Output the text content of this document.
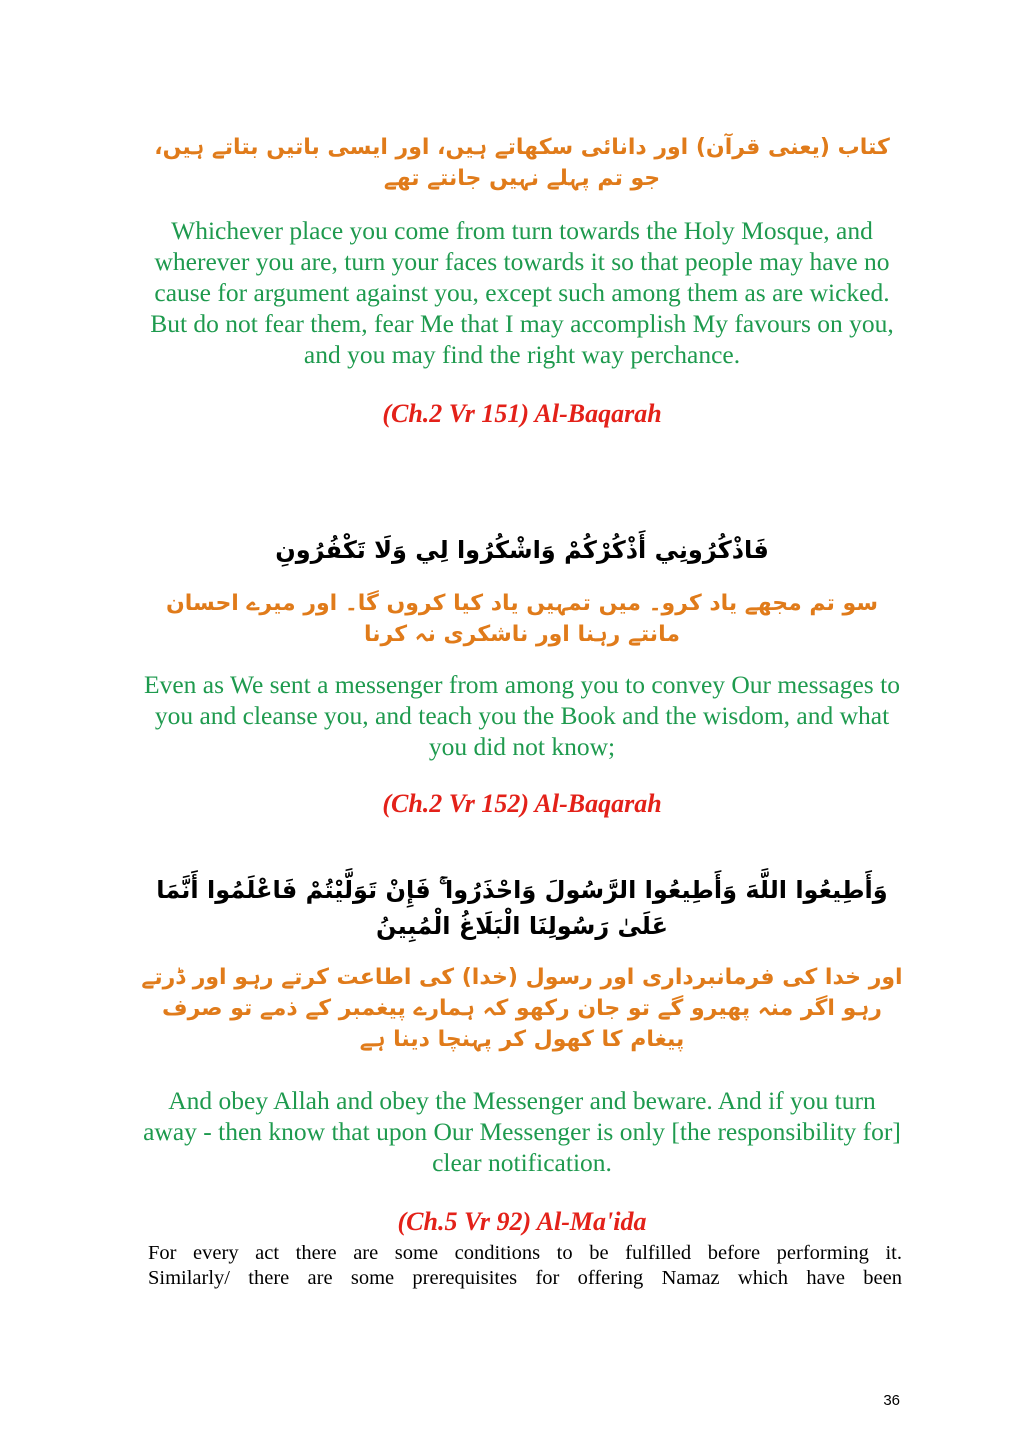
کتاب (یعنی قرآن) اور دانائی سکھاتے ہیں، اور ایسی باتیں بتاتے ہیں، جو تم پہلے نہیں جانتے تھے
Whichever place you come from turn towards the Holy Mosque, and wherever you are, turn your faces towards it so that people may have no cause for argument against you, except such among them as are wicked. But do not fear them, fear Me that I may accomplish My favours on you, and you may find the right way perchance.
(Ch.2 Vr 151) Al-Baqarah
فَاذْكُرُونِي أَذْكُرْكُمْ وَاشْكُرُوا لِي وَلَا تَكْفُرُونِ
سو تم مجھے یاد کرو۔ میں تمہیں یاد کیا کروں گا۔ اور میرے احسان مانتے رہنا اور ناشکری نہ کرنا
Even as We sent a messenger from among you to convey Our messages to you and cleanse you, and teach you the Book and the wisdom, and what you did not know;
(Ch.2 Vr 152) Al-Baqarah
وَأَطِيعُوا اللَّهَ وَأَطِيعُوا الرَّسُولَ وَاحْذَرُوا ۚ فَإِنْ تَوَلَّيْتُمْ فَاعْلَمُوا أَنَّمَا عَلَىٰ رَسُولِنَا الْبَلَاغُ الْمُبِينُ
اور خدا کی فرمانبرداری اور رسول (خدا) کی اطاعت کرتے رہو اور ڈرتے رہو اگر منہ پھیرو گے تو جان رکھو کہ ہمارے پیغمبر کے ذمے تو صرف پیغام کا کھول کر پہنچا دینا ہے
And obey Allah and obey the Messenger and beware. And if you turn away - then know that upon Our Messenger is only [the responsibility for] clear notification.
(Ch.5 Vr 92) Al-Ma'ida
For every act there are some conditions to be fulfilled before performing it.
Similarly/ there are some prerequisites for offering Namaz which have been
36
